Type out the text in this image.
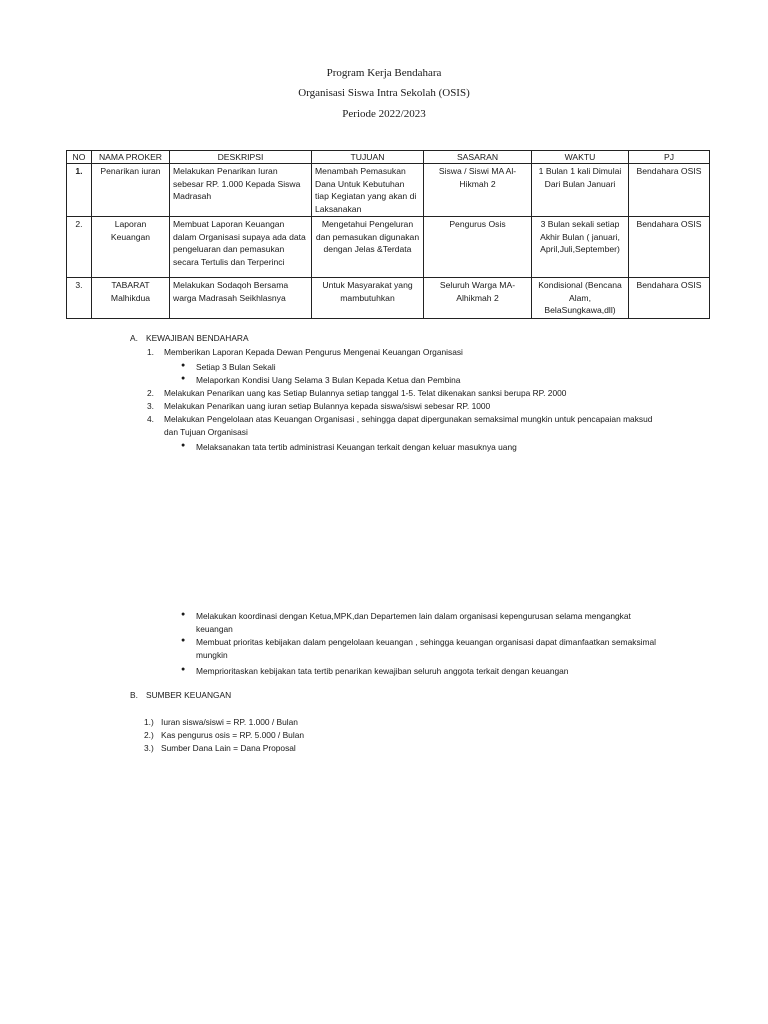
Program Kerja Bendahara
Organisasi Siswa Intra Sekolah (OSIS)
Periode 2022/2023
NO	NAMA PROKER	DESKRIPSI	TUJUAN	SASARAN	WAKTU	PJ
1.	Penarikan iuran	Melakukan Penarikan Iuran sebesar RP. 1.000 Kepada Siswa Madrasah	Menambah Pemasukan Dana Untuk Kebutuhan tiap Kegiatan yang akan di Laksanakan	Siswa / Siswi MA Al-Hikmah 2	1 Bulan 1 kali Dimulai Dari Bulan Januari	Bendahara OSIS
2.	Laporan Keuangan	Membuat Laporan Keuangan dalam Organisasi supaya ada data pengeluaran dan pemasukan secara Tertulis dan Terperinci	Mengetahui Pengeluran dan pemasukan digunakan dengan Jelas &Terdata	Pengurus Osis	3 Bulan sekali setiap Akhir Bulan ( januari, April,Juli,September)	Bendahara OSIS
3.	TABARAT Malhikdua	Melakukan Sodaqoh Bersama warga Madrasah Seikhlasnya	Untuk Masyarakat yang mambutuhkan	Seluruh Warga MA-Alhikmah 2	Kondisional (Bencana Alam, BelaSungkawa,dll)	Bendahara OSIS
A. KEWAJIBAN BENDAHARA
1. Memberikan Laporan Kepada Dewan Pengurus Mengenai Keuangan Organisasi
● Setiap 3 Bulan Sekali
● Melaporkan Kondisi Uang Selama 3 Bulan Kepada Ketua dan Pembina
2. Melakukan Penarikan uang kas Setiap Bulannya setiap tanggal 1-5. Telat dikenakan sanksi berupa RP. 2000
3. Melakukan Penarikan uang iuran setiap Bulannya kepada siswa/siswi sebesar RP. 1000
4. Melakukan Pengelolaan atas Keuangan Organisasi , sehingga dapat dipergunakan semaksimal mungkin untuk pencapaian maksud
dan Tujuan Organisasi
● Melaksanakan tata tertib administrasi Keuangan terkait dengan keluar masuknya uang
● Melakukan koordinasi dengan Ketua,MPK,dan Departemen lain dalam organisasi kepengurusan selama mengangkat
keuangan
● Membuat prioritas kebijakan dalam pengelolaan keuangan , sehingga keuangan organisasi dapat dimanfaatkan semaksimal
mungkin
● Memprioritaskan kebijakan tata tertib penarikan kewajiban seluruh anggota terkait dengan keuangan
B. SUMBER KEUANGAN
1.) Iuran siswa/siswi = RP. 1.000 / Bulan
2.) Kas pengurus osis = RP. 5.000 / Bulan
3.) Sumber Dana Lain = Dana Proposal
